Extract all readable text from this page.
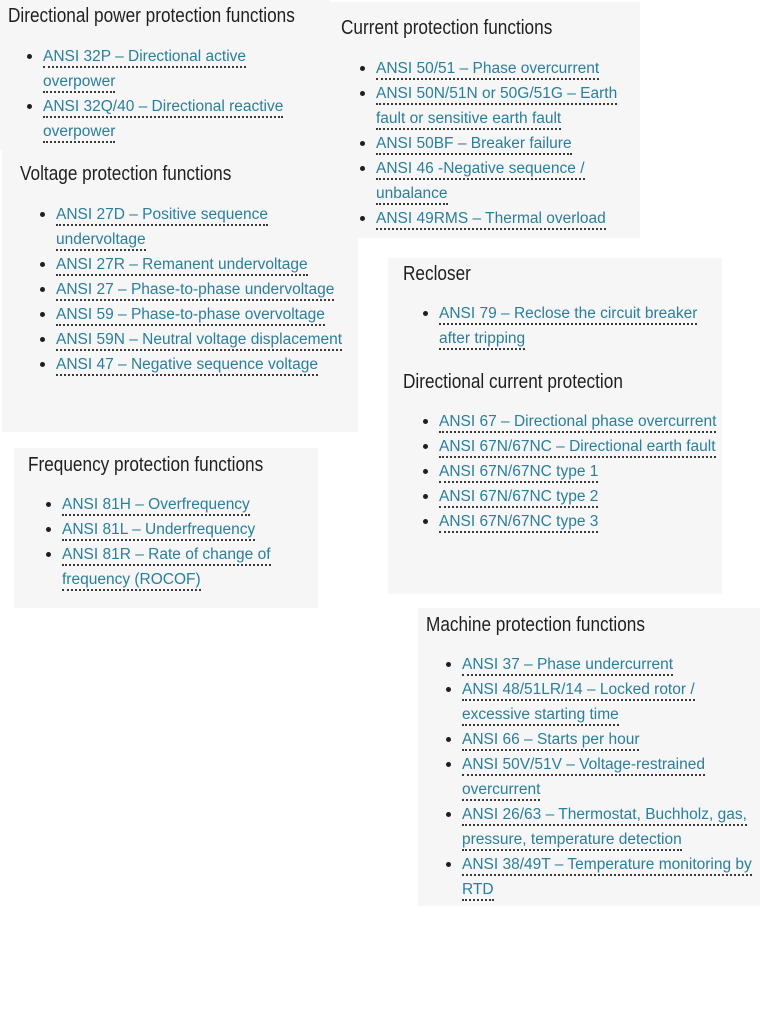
Directional power protection functions
ANSI 32P – Directional active overpower
ANSI 32Q/40 – Directional reactive overpower
Current protection functions
ANSI 50/51 – Phase overcurrent
ANSI 50N/51N or 50G/51G – Earth fault or sensitive earth fault
ANSI 50BF – Breaker failure
ANSI 46 -Negative sequence / unbalance
ANSI 49RMS – Thermal overload
Voltage protection functions
ANSI 27D – Positive sequence undervoltage
ANSI 27R – Remanent undervoltage
ANSI 27 – Phase-to-phase undervoltage
ANSI 59 – Phase-to-phase overvoltage
ANSI 59N – Neutral voltage displacement
ANSI 47 – Negative sequence voltage
Recloser
ANSI 79 – Reclose the circuit breaker after tripping
Directional current protection
ANSI 67 – Directional phase overcurrent
ANSI 67N/67NC – Directional earth fault
ANSI 67N/67NC type 1
ANSI 67N/67NC type 2
ANSI 67N/67NC type 3
Frequency protection functions
ANSI 81H – Overfrequency
ANSI 81L – Underfrequency
ANSI 81R – Rate of change of frequency (ROCOF)
Machine protection functions
ANSI 37 – Phase undercurrent
ANSI 48/51LR/14 – Locked rotor / excessive starting time
ANSI 66 – Starts per hour
ANSI 50V/51V – Voltage-restrained overcurrent
ANSI 26/63 – Thermostat, Buchholz, gas, pressure, temperature detection
ANSI 38/49T – Temperature monitoring by RTD
